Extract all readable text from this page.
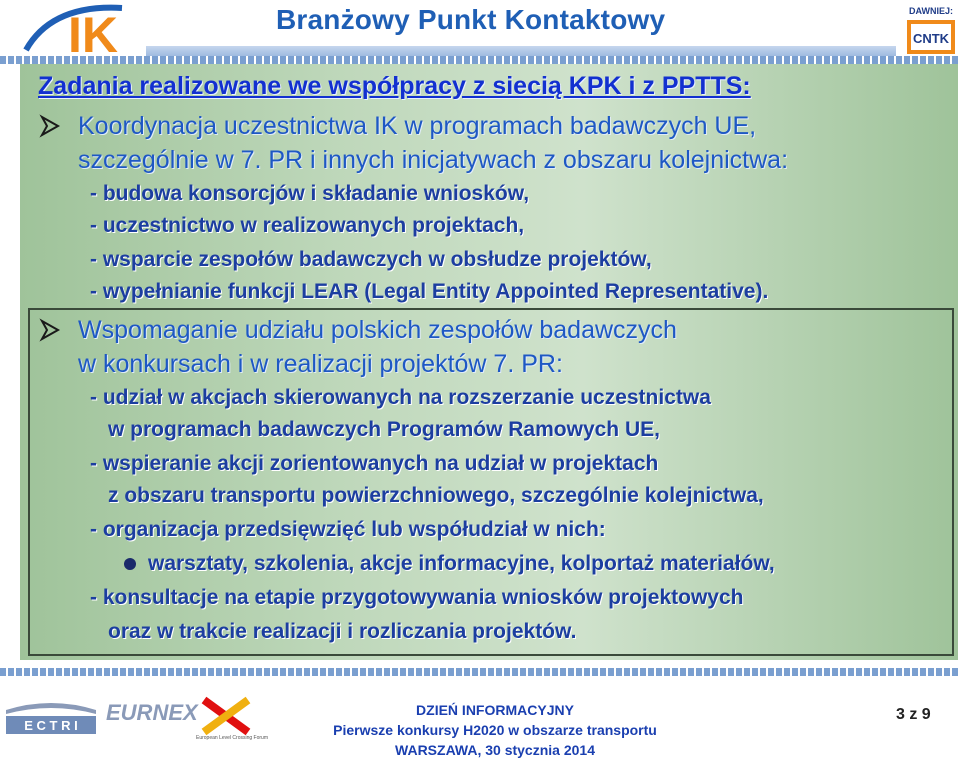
IK	Branżowy Punkt Kontaktowy	DAWNIEJ:
CNTK
Zadania realizowane we współpracy z siecią KPK i z PPTTS:
Koordynacja uczestnictwa IK w programach badawczych UE,
szczególnie w 7. PR i innych inicjatywach z obszaru kolejnictwa:
- budowa konsorcjów i składanie wniosków,
- uczestnictwo w realizowanych projektach,
- wsparcie zespołów badawczych w obsłudze projektów,
- wypełnianie funkcji LEAR (Legal Entity Appointed Representative).
Wspomaganie udziału polskich zespołów badawczych
w konkursach i w realizacji projektów 7. PR:
- udział w akcjach skierowanych na rozszerzanie uczestnictwa
w programach badawczych Programów Ramowych UE,
- wspieranie akcji zorientowanych na udział w projektach
z obszaru transportu powierzchniowego, szczególnie kolejnictwa,
- organizacja przedsięwzięć lub współudział w nich:
warsztaty, szkolenia, akcje informacyjne, kolportaż materiałów,
- konsultacje na etapie przygotowywania wniosków projektowych
oraz w trakcie realizacji i rozliczania projektów.
E C T R I
EURNEX
European Level Crossing Forum
DZIEŃ INFORMACYJNY
Pierwsze konkursy H2020 w obszarze transportu
WARSZAWA, 30 stycznia 2014
3 z 9
